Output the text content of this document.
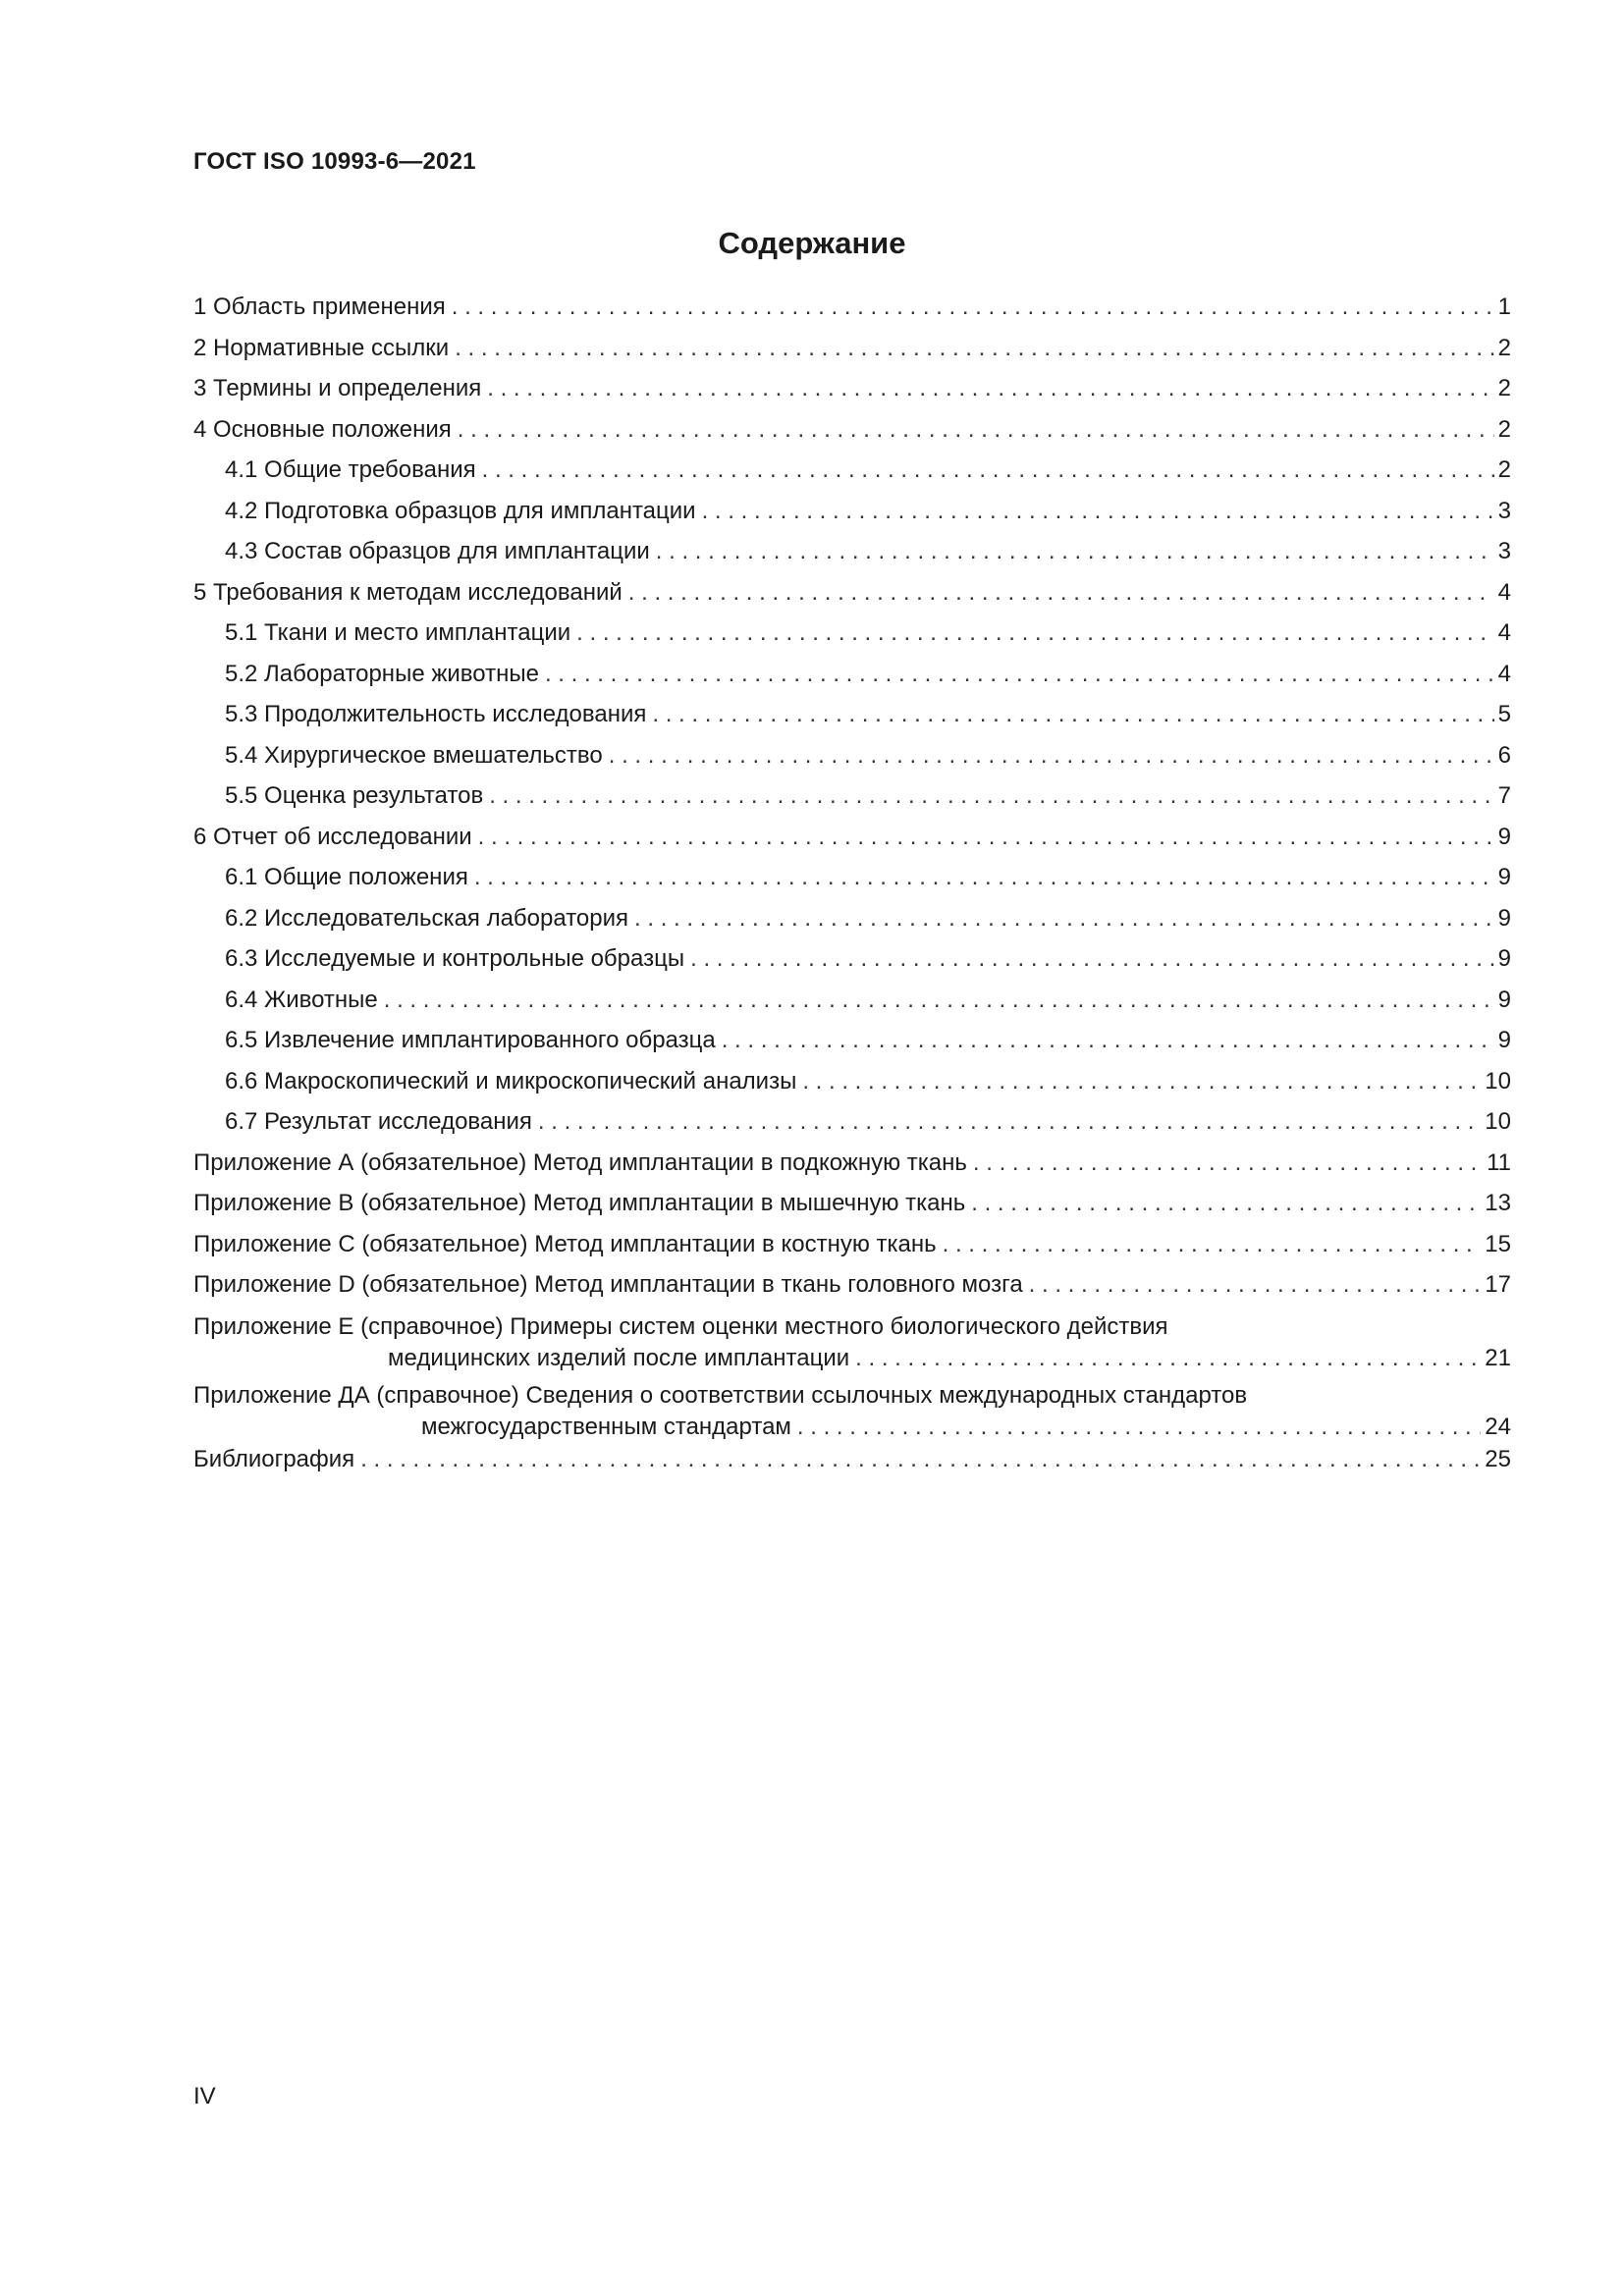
ГОСТ ISO 10993-6—2021
Содержание
1 Область применения . . .	1
2 Нормативные ссылки . . .	2
3 Термины и определения . . .	2
4 Основные положения . . .	2
4.1 Общие требования . . .	2
4.2 Подготовка образцов для имплантации . . .	3
4.3 Состав образцов для имплантации . . .	3
5 Требования к методам исследований . . .	4
5.1 Ткани и место имплантации . . .	4
5.2 Лабораторные животные . . .	4
5.3 Продолжительность исследования . . .	5
5.4 Хирургическое вмешательство . . .	6
5.5 Оценка результатов . . .	7
6 Отчет об исследовании . . .	9
6.1 Общие положения . . .	9
6.2 Исследовательская лаборатория . . .	9
6.3 Исследуемые и контрольные образцы . . .	9
6.4 Животные . . .	9
6.5 Извлечение имплантированного образца . . .	9
6.6 Макроскопический и микроскопический анализы . . .	10
6.7 Результат исследования . . .	10
Приложение А (обязательное) Метод имплантации в подкожную ткань . . .	11
Приложение В (обязательное) Метод имплантации в мышечную ткань . . .	13
Приложение С (обязательное) Метод имплантации в костную ткань . . .	15
Приложение D (обязательное) Метод имплантации в ткань головного мозга . . .	17
Приложение Е (справочное) Примеры систем оценки местного биологического действия
медицинских изделий после имплантации . . .	21
Приложение ДА (справочное) Сведения о соответствии ссылочных международных стандартов
межгосударственным стандартам . . .	24
Библиография . . .	25
IV
